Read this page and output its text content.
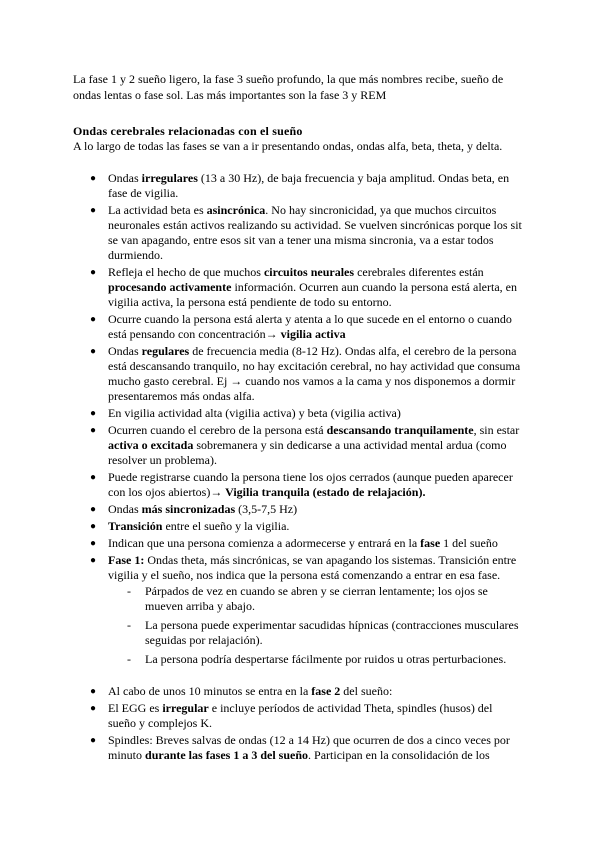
La fase 1 y 2 sueño ligero, la fase 3 sueño profundo, la que más nombres recibe, sueño de
ondas lentas o fase sol. Las más importantes son la fase 3 y REM
Ondas cerebrales relacionadas con el sueño
A lo largo de todas las fases se van a ir presentando ondas, ondas alfa, beta, theta, y delta.
● Ondas irregulares (13 a 30 Hz), de baja frecuencia y baja amplitud. Ondas beta, en
fase de vigilia.
● La actividad beta es asincrónica. No hay sincronicidad, ya que muchos circuitos
neuronales están activos realizando su actividad. Se vuelven sincrónicas porque los sit
se van apagando, entre esos sit van a tener una misma sincronia, va a estar todos
durmiendo.
● Refleja el hecho de que muchos circuitos neurales cerebrales diferentes están
procesando activamente información. Ocurren aun cuando la persona está alerta, en
vigilia activa, la persona está pendiente de todo su entorno.
● Ocurre cuando la persona está alerta y atenta a lo que sucede en el entorno o cuando
está pensando con concentración→ vigilia activa
● Ondas regulares de frecuencia media (8-12 Hz). Ondas alfa, el cerebro de la persona
está descansando tranquilo, no hay excitación cerebral, no hay actividad que consuma
mucho gasto cerebral. Ej → cuando nos vamos a la cama y nos disponemos a dormir
presentaremos más ondas alfa.
● En vigilia actividad alta (vigilia activa) y beta (vigilia activa)
● Ocurren cuando el cerebro de la persona está descansando tranquilamente, sin estar
activa o excitada sobremanera y sin dedicarse a una actividad mental ardua (como
resolver un problema).
● Puede registrarse cuando la persona tiene los ojos cerrados (aunque pueden aparecer
con los ojos abiertos)→ Vigilia tranquila (estado de relajación).
● Ondas más sincronizadas (3,5-7,5 Hz)
● Transición entre el sueño y la vigilia.
● Indican que una persona comienza a adormecerse y entrará en la fase 1 del sueño
● Fase 1: Ondas theta, más sincrónicas, se van apagando los sistemas. Transición entre
vigilia y el sueño, nos indica que la persona está comenzando a entrar en esa fase.
- Párpados de vez en cuando se abren y se cierran lentamente; los ojos se
mueven arriba y abajo.
- La persona puede experimentar sacudidas hípnicas (contracciones musculares
seguidas por relajación).
- La persona podría despertarse fácilmente por ruidos u otras perturbaciones.
● Al cabo de unos 10 minutos se entra en la fase 2 del sueño:
● El EGG es irregular e incluye períodos de actividad Theta, spindles (husos) del
sueño y complejos K.
● Spindles: Breves salvas de ondas (12 a 14 Hz) que ocurren de dos a cinco veces por
minuto durante las fases 1 a 3 del sueño. Participan en la consolidación de los
